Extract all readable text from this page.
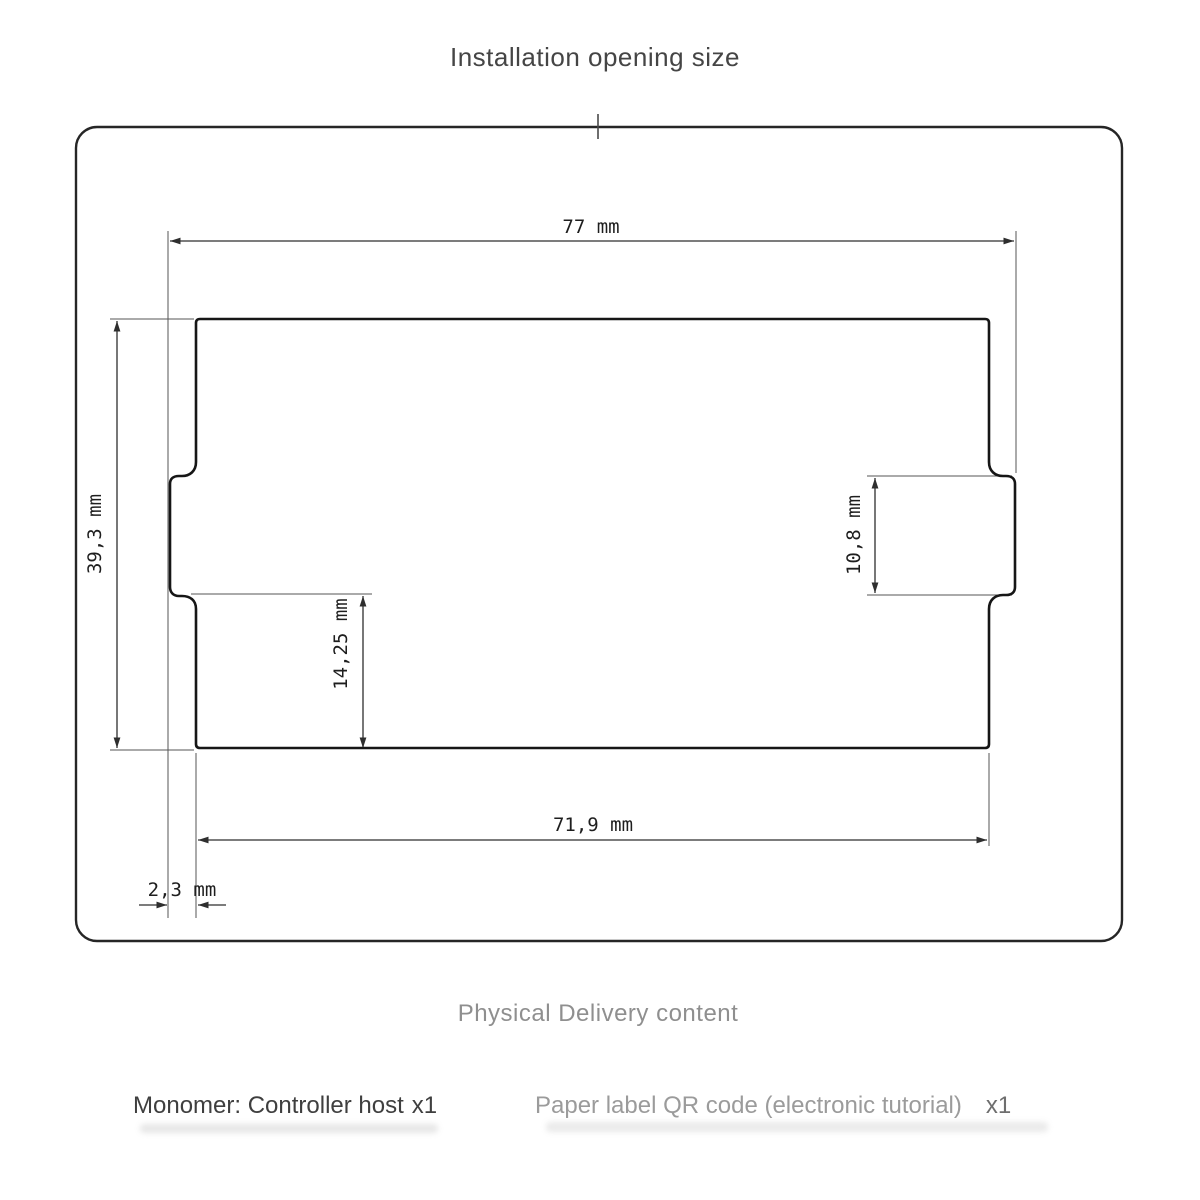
Installation opening size
77 mm
39,3 mm
14,25 mm
10,8 mm
71,9 mm
2,3 mm
Physical Delivery content
Monomer: Controller host x1	Paper label QR code (electronic tutorial) x1
